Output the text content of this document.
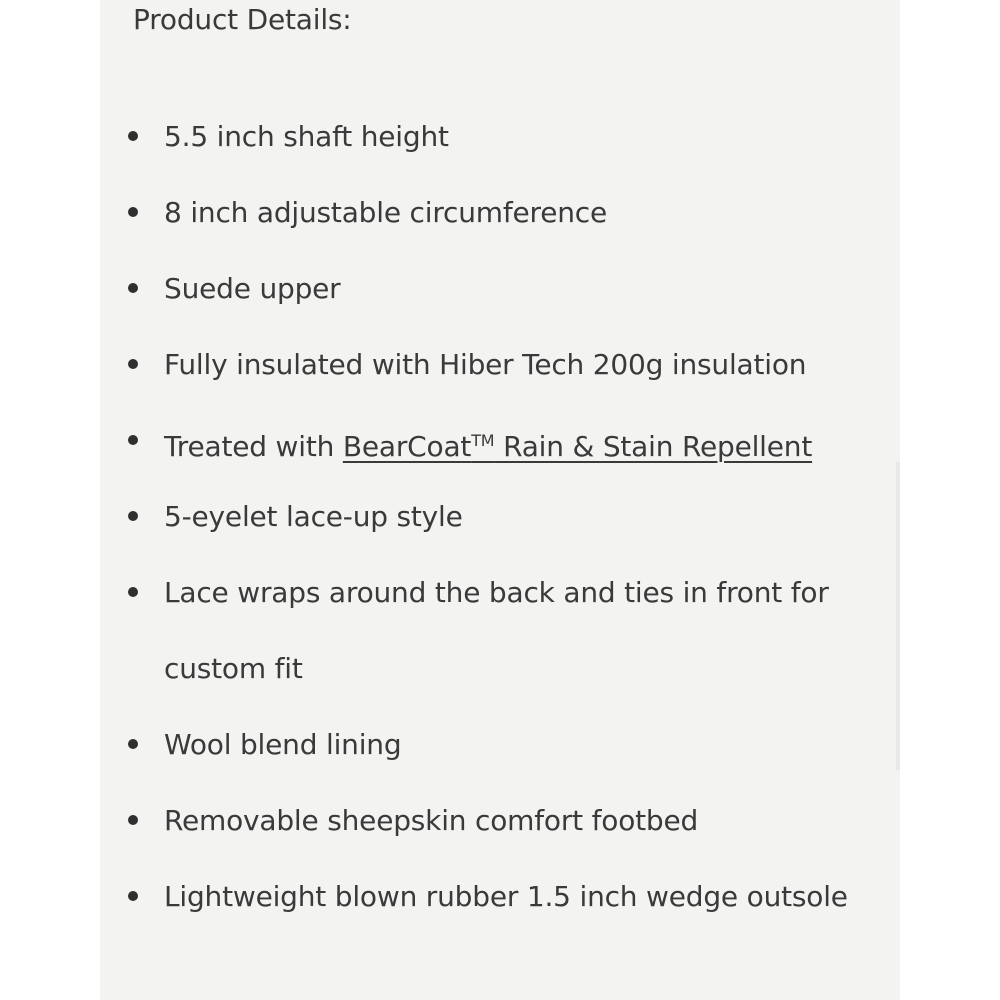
Product Details:
5.5 inch shaft height
8 inch adjustable circumference
Suede upper
Fully insulated with Hiber Tech 200g insulation
Treated with BearCoat™ Rain & Stain Repellent
5-eyelet lace-up style
Lace wraps around the back and ties in front for
custom fit
Wool blend lining
Removable sheepskin comfort footbed
Lightweight blown rubber 1.5 inch wedge outsole
